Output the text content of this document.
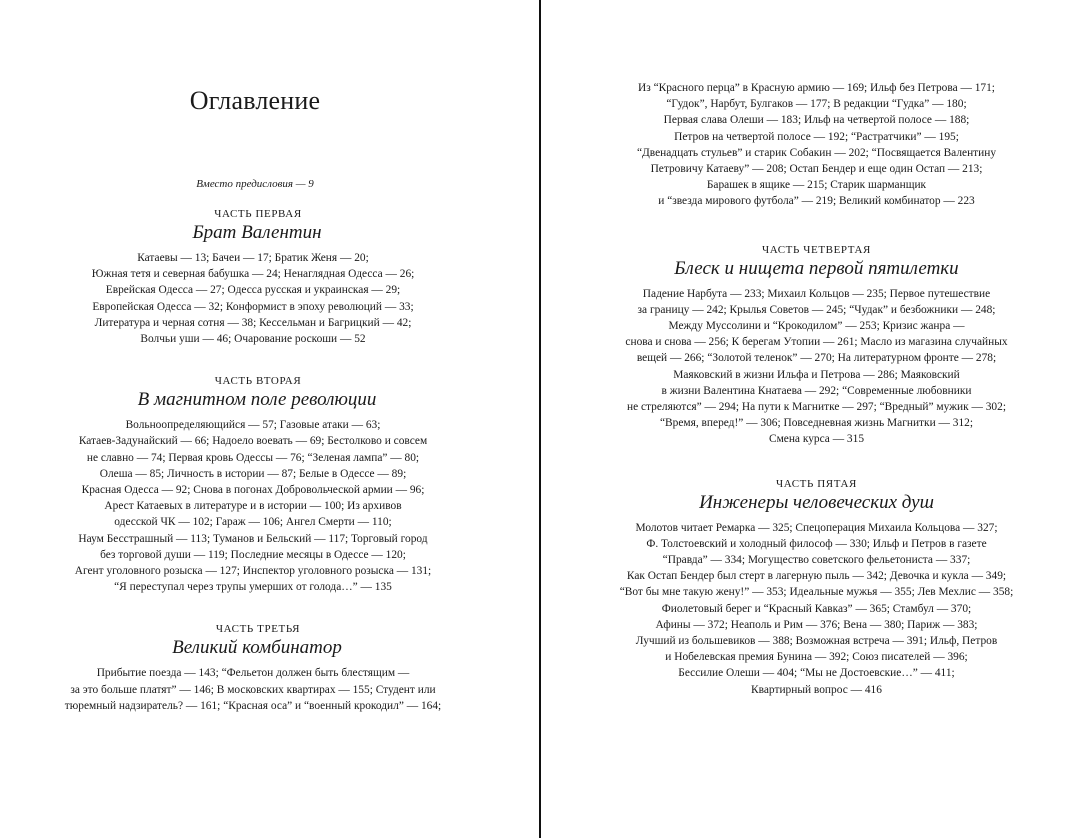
Оглавление
Вместо предисловия — 9
ЧАСТЬ ПЕРВАЯ
Брат Валентин
Катаевы — 13; Бачеи — 17; Братик Женя — 20;
Южная тетя и северная бабушка — 24; Ненаглядная Одесса — 26;
Еврейская Одесса — 27; Одесса русская и украинская — 29;
Европейская Одесса — 32; Конформист в эпоху революций — 33;
Литература и черная сотня — 38; Кессельман и Багрицкий — 42;
Волчьи уши — 46; Очарование роскоши — 52
ЧАСТЬ ВТОРАЯ
В магнитном поле революции
Вольноопределяющийся — 57; Газовые атаки — 63;
Катаев-Задунайский — 66; Надоело воевать — 69; Бестолково и совсем
не славно — 74; Первая кровь Одессы — 76; “Зеленая лампа” — 80;
Олеша — 85; Личность в истории — 87; Белые в Одессе — 89;
Красная Одесса — 92; Снова в погонах Добровольческой армии — 96;
Арест Катаевых в литературе и в истории — 100; Из архивов
одесской ЧК — 102; Гараж — 106; Ангел Смерти — 110;
Наум Бесстрашный — 113; Туманов и Бельский — 117; Торговый город
без торговой души — 119; Последние месяцы в Одессе — 120;
Агент уголовного розыска — 127; Инспектор уголовного розыска — 131;
“Я переступал через трупы умерших от голода…” — 135
ЧАСТЬ ТРЕТЬЯ
Великий комбинатор
Прибытие поезда — 143; “Фельетон должен быть блестящим —
за это больше платят” — 146; В московских квартирах — 155; Студент или
тюремный надзиратель? — 161; “Красная оса” и “военный крокодил” — 164;
Из “Красного перца” в Красную армию — 169; Ильф без Петрова — 171;
“Гудок”, Нарбут, Булгаков — 177; В редакции “Гудка” — 180;
Первая слава Олеши — 183; Ильф на четвертой полосе — 188;
Петров на четвертой полосе — 192; “Растратчики” — 195;
“Двенадцать стульев” и старик Собакин — 202; “Посвящается Валентину
Петровичу Катаеву” — 208; Остап Бендер и еще один Остап — 213;
Барашек в ящике — 215; Старик шарманщик
и “звезда мирового футбола” — 219; Великий комбинатор — 223
ЧАСТЬ ЧЕТВЕРТАЯ
Блеск и нищета первой пятилетки
Падение Нарбута — 233; Михаил Кольцов — 235; Первое путешествие
за границу — 242; Крылья Советов — 245; “Чудак” и безбожники — 248;
Между Муссолини и “Крокодилом” — 253; Кризис жанра —
снова и снова — 256; К берегам Утопии — 261; Масло из магазина случайных
вещей — 266; “Золотой теленок” — 270; На литературном фронте — 278;
Маяковский в жизни Ильфа и Петрова — 286; Маяковский
в жизни Валентина Кнатаева — 292; “Современные любовники
не стреляются” — 294; На пути к Магнитке — 297; “Вредный” мужик — 302;
“Время, вперед!” — 306; Повседневная жизнь Магнитки — 312;
Смена курса — 315
ЧАСТЬ ПЯТАЯ
Инженеры человеческих душ
Молотов читает Ремарка — 325; Спецоперация Михаила Кольцова — 327;
Ф. Толстоевский и холодный философ — 330; Ильф и Петров в газете
“Правда” — 334; Могущество советского фельетониста — 337;
Как Остап Бендер был стерт в лагерную пыль — 342; Девочка и кукла — 349;
“Вот бы мне такую жену!” — 353; Идеальные мужья — 355; Лев Мехлис — 358;
Фиолетовый берег и “Красный Кавказ” — 365; Стамбул — 370;
Афины — 372; Неаполь и Рим — 376; Вена — 380; Париж — 383;
Лучший из большевиков — 388; Возможная встреча — 391; Ильф, Петров
и Нобелевская премия Бунина — 392; Союз писателей — 396;
Бессилие Олеши — 404; “Мы не Достоевские…” — 411;
Квартирный вопрос — 416
